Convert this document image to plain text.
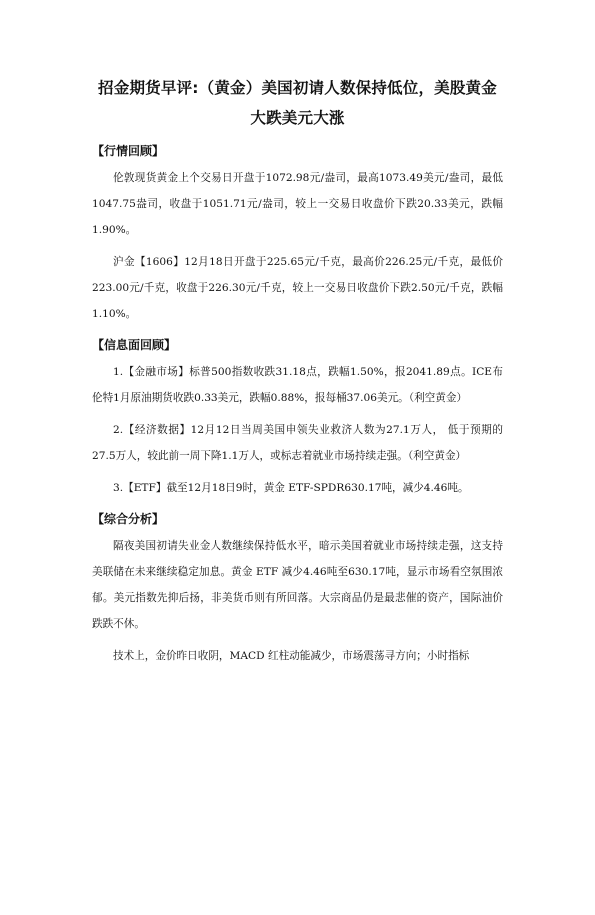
招金期货早评:（黄金）美国初请人数保持低位，美股黄金大跌美元大涨
【行情回顾】

伦敦现货黄金上个交易日开盘于1072.98元/盎司，最高1073.49美元/盎司，最低1047.75盎司，收盘于1051.71元/盎司，较上一交易日收盘价下跌20.33美元，跌幅1.90%。

沪金【1606】12月18日开盘于225.65元/千克，最高价226.25元/千克，最低价223.00元/千克，收盘于226.30元/千克，较上一交易日收盘价下跌2.50元/千克，跌幅1.10%。

【信息面回顾】

1.【金融市场】标普500指数收跌31.18点，跌幅1.50%，报2041.89点。ICE布伦特1月原油期货收跌0.33美元，跌幅0.88%，报每桶37.06美元。（利空黄金）

2.【经济数据】12月12日当周美国申领失业救济人数为27.1万人， 低于预期的27.5万人，较此前一周下降1.1万人，或标志着就业市场持续走强。（利空黄金）

3.【ETF】截至12月18日9时，黄金 ETF-SPDR630.17吨，减少4.46吨。

【综合分析】

隔夜美国初请失业金人数继续保持低水平，暗示美国着就业市场持续走强，这支持美联储在未来继续稳定加息。黄金 ETF 减少4.46吨至630.17吨，显示市场看空氛围浓郁。美元指数先抑后扬，非美货币则有所回落。大宗商品仍是最悲催的资产，国际油价跌跌不休。

技术上，金价昨日收阴，MACD 红柱动能减少，市场震荡寻方向；小时指标
